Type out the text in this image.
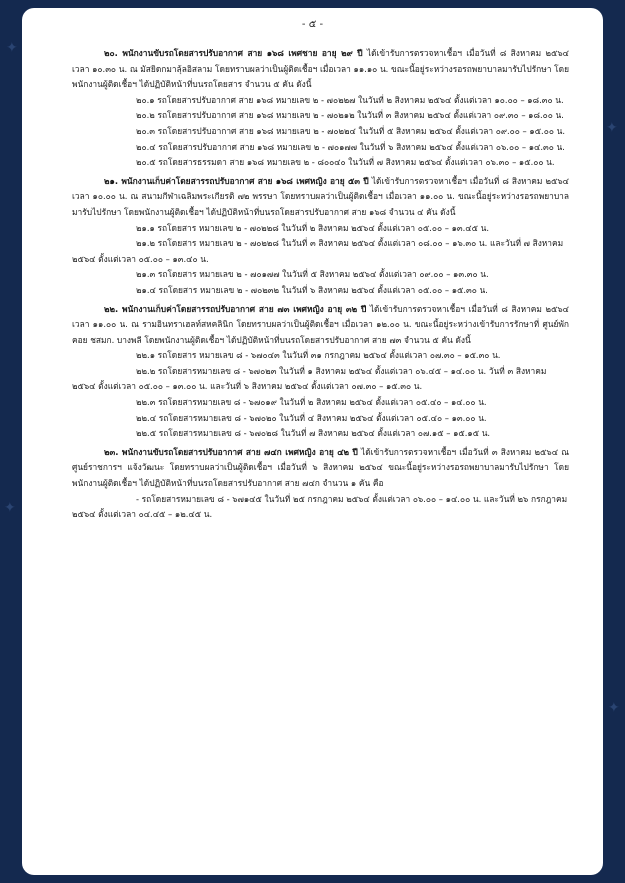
✦
✦
✦
✦
- ๕ -

๒๐. พนักงานขับรถโดยสารปรับอากาศ สาย ๑๖๘ เพศชาย อายุ ๒๙ ปี ได้เข้ารับการตรวจหาเชื้อฯ เมื่อวันที่ ๘ สิงหาคม ๒๕๖๔ เวลา ๑๐.๓๐ น. ณ มัสยิดกมาลุ้ลอิสลาม โดยทราบผลว่าเป็นผู้ติดเชื้อฯ เมื่อเวลา ๑๑.๑๐ น. ขณะนี้อยู่ระหว่างรอรถพยาบาลมารับไปรักษา โดยพนักงานผู้ติดเชื้อฯ ได้ปฏิบัติหน้าที่บนรถโดยสาร จำนวน ๕ คัน ดังนี้

๒๐.๑ รถโดยสารปรับอากาศ สาย ๑๖๘ หมายเลข ๒ - ๗๐๒๒๗ ในวันที่ ๒ สิงหาคม ๒๕๖๔ ตั้งแต่เวลา ๑๐.๐๐ – ๑๘.๓๐ น.

๒๐.๒ รถโดยสารปรับอากาศ สาย ๑๖๘ หมายเลข ๒ - ๗๐๒๑๒ ในวันที่ ๓ สิงหาคม ๒๕๖๔ ตั้งแต่เวลา ๐๙.๓๐ – ๑๘.๐๐ น.

๒๐.๓ รถโดยสารปรับอากาศ สาย ๑๖๘ หมายเลข ๒ - ๗๐๒๒๔ ในวันที่ ๕ สิงหาคม ๒๕๖๔ ตั้งแต่เวลา ๐๙.๐๐ – ๑๕.๐๐ น.

๒๐.๔ รถโดยสารปรับอากาศ สาย ๑๖๘ หมายเลข ๒ - ๗๐๑๗๗ ในวันที่ ๖ สิงหาคม ๒๕๖๔ ตั้งแต่เวลา ๐๖.๐๐ – ๑๔.๓๐ น.

๒๐.๕ รถโดยสารธรรมดา สาย ๑๖๘ หมายเลข ๒ - ๘๐๐๔๐ ในวันที่ ๗ สิงหาคม ๒๕๖๔ ตั้งแต่เวลา ๐๖.๓๐ – ๑๕.๐๐ น.

๒๑. พนักงานเก็บค่าโดยสารรถปรับอากาศ สาย ๑๖๘ เพศหญิง อายุ ๕๓ ปี ได้เข้ารับการตรวจหาเชื้อฯ เมื่อวันที่ ๘ สิงหาคม ๒๕๖๔ เวลา ๑๐.๐๐ น. ณ สนามกีฬาเฉลิมพระเกียรติ ๗๒ พรรษา โดยทราบผลว่าเป็นผู้ติดเชื้อฯ เมื่อเวลา ๑๑.๐๐ น. ขณะนี้อยู่ระหว่างรอรถพยาบาลมารับไปรักษา โดยพนักงานผู้ติดเชื้อฯ ได้ปฏิบัติหน้าที่บนรถโดยสารปรับอากาศ สาย ๑๖๘ จำนวน ๔ คัน ดังนี้

๒๑.๑ รถโดยสาร หมายเลข ๒ - ๗๐๒๒๘ ในวันที่ ๒ สิงหาคม ๒๕๖๔ ตั้งแต่เวลา ๐๕.๐๐ – ๑๓.๔๕ น.

๒๑.๒ รถโดยสาร หมายเลข ๒ - ๗๐๒๒๘ ในวันที่ ๓ สิงหาคม ๒๕๖๔ ตั้งแต่เวลา ๐๘.๐๐ – ๑๖.๓๐ น. และวันที่ ๗ สิงหาคม ๒๕๖๔ ตั้งแต่เวลา ๐๕.๐๐ – ๑๓.๔๐ น.

๒๑.๓ รถโดยสาร หมายเลข ๒ - ๗๐๑๗๗ ในวันที่ ๕ สิงหาคม ๒๕๖๔ ตั้งแต่เวลา ๐๙.๐๐ – ๑๓.๓๐ น.

๒๑.๔ รถโดยสาร หมายเลข ๒ - ๗๐๒๓๒ ในวันที่ ๖ สิงหาคม ๒๕๖๔ ตั้งแต่เวลา ๐๕.๐๐ – ๑๕.๓๐ น.

๒๒. พนักงานเก็บค่าโดยสารรถปรับอากาศ สาย ๗๓ เพศหญิง อายุ ๓๒ ปี ได้เข้ารับการตรวจหาเชื้อฯ เมื่อวันที่ ๘ สิงหาคม ๒๕๖๔ เวลา ๑๑.๐๐ น. ณ รามอินทราเฮลท์สหคลินิก โดยทราบผลว่าเป็นผู้ติดเชื้อฯ เมื่อเวลา ๑๒.๐๐ น. ขณะนี้อยู่ระหว่างเข้ารับการรักษาที่ ศูนย์พักคอย ชสมก. บางพลี โดยพนักงานผู้ติดเชื้อฯ ได้ปฏิบัติหน้าที่บนรถโดยสารปรับอากาศ สาย ๗๓ จำนวน ๕ คัน ดังนี้

๒๒.๑ รถโดยสาร หมายเลข ๘ - ๖๗๐๔๓ ในวันที่ ๓๑ กรกฎาคม ๒๕๖๔ ตั้งแต่เวลา ๐๗.๓๐ – ๑๕.๓๐ น.

๒๒.๒ รถโดยสารหมายเลข ๘ - ๖๗๐๒๓ ในวันที่ ๑ สิงหาคม ๒๕๖๔ ตั้งแต่เวลา ๐๖.๔๕ – ๑๔.๐๐ น. วันที่ ๓ สิงหาคม ๒๕๖๔ ตั้งแต่เวลา ๐๕.๐๐ – ๑๓.๐๐ น. และวันที่ ๖ สิงหาคม ๒๕๖๔ ตั้งแต่เวลา ๐๗.๓๐ – ๑๕.๓๐ น.

๒๒.๓ รถโดยสารหมายเลข ๘ - ๖๗๐๑๙ ในวันที่ ๒ สิงหาคม ๒๕๖๔ ตั้งแต่เวลา ๐๕.๔๐ – ๑๔.๐๐ น.

๒๒.๔ รถโดยสารหมายเลข ๘ - ๖๗๐๒๐ ในวันที่ ๔ สิงหาคม ๒๕๖๔ ตั้งแต่เวลา ๐๕.๔๐ – ๑๓.๐๐ น.

๒๒.๕ รถโดยสารหมายเลข ๘ - ๖๗๐๒๘ ในวันที่ ๗ สิงหาคม ๒๕๖๔ ตั้งแต่เวลา ๐๗.๑๕ – ๑๕.๑๕ น.

๒๓. พนักงานขับรถโดยสารปรับอากาศ สาย ๗๔ก เพศหญิง อายุ ๔๒ ปี ได้เข้ารับการตรวจหาเชื้อฯ เมื่อวันที่ ๓ สิงหาคม ๒๕๖๔ ณ ศูนย์ราชการฯ แจ้งวัฒนะ โดยทราบผลว่าเป็นผู้ติดเชื้อฯ เมื่อวันที่ ๖ สิงหาคม ๒๕๖๔ ขณะนี้อยู่ระหว่างรอรถพยาบาลมารับไปรักษา โดยพนักงานผู้ติดเชื้อฯ ได้ปฏิบัติหน้าที่บนรถโดยสารปรับอากาศ สาย ๗๔ก จำนวน ๑ คัน คือ

- รถโดยสารหมายเลข ๘ - ๖๗๑๔๕ ในวันที่ ๒๕ กรกฎาคม ๒๕๖๔ ตั้งแต่เวลา ๐๖.๐๐ – ๑๔.๐๐ น. และวันที่ ๒๖ กรกฎาคม ๒๕๖๔ ตั้งแต่เวลา ๐๔.๔๕ – ๑๒.๔๕ น.
